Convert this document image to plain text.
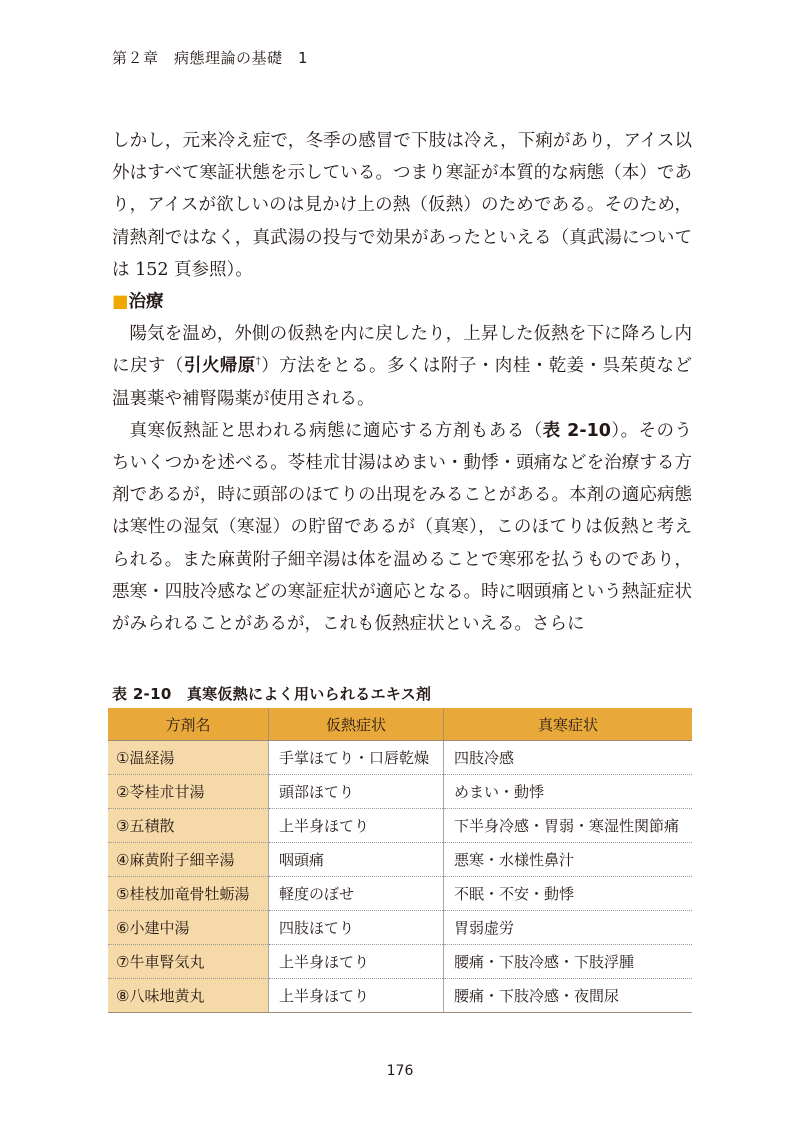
第２章　病態理論の基礎　1

しかし，元来冷え症で，冬季の感冒で下肢は冷え，下痢があり，アイス以外はすべて寒証状態を示している。つまり寒証が本質的な病態（本）であり，アイスが欲しいのは見かけ上の熱（仮熱）のためである。そのため，清熱剤ではなく，真武湯の投与で効果があったといえる（真武湯については 152 頁参照）。

■治療

陽気を温め，外側の仮熱を内に戻したり，上昇した仮熱を下に降ろし内に戻す（引火帰原†）方法をとる。多くは附子・肉桂・乾姜・呉茱萸など温裏薬や補腎陽薬が使用される。

真寒仮熱証と思われる病態に適応する方剤もある（表 2-10）。そのうちいくつかを述べる。苓桂朮甘湯はめまい・動悸・頭痛などを治療する方剤であるが，時に頭部のほてりの出現をみることがある。本剤の適応病態は寒性の湿気（寒湿）の貯留であるが（真寒），このほてりは仮熱と考えられる。また麻黄附子細辛湯は体を温めることで寒邪を払うものであり，悪寒・四肢冷感などの寒証症状が適応となる。時に咽頭痛という熱証症状がみられることがあるが，これも仮熱症状といえる。さらに

表 2-10　真寒仮熱によく用いられるエキス剤
方剤名	仮熱症状	真寒症状
①温経湯	手掌ほてり・口唇乾燥	四肢冷感
②苓桂朮甘湯	頭部ほてり	めまい・動悸
③五積散	上半身ほてり	下半身冷感・胃弱・寒湿性関節痛
④麻黄附子細辛湯	咽頭痛	悪寒・水様性鼻汁
⑤桂枝加竜骨牡蛎湯	軽度のぼせ	不眠・不安・動悸
⑥小建中湯	四肢ほてり	胃弱虚労
⑦牛車腎気丸	上半身ほてり	腰痛・下肢冷感・下肢浮腫
⑧八味地黄丸	上半身ほてり	腰痛・下肢冷感・夜間尿
176
